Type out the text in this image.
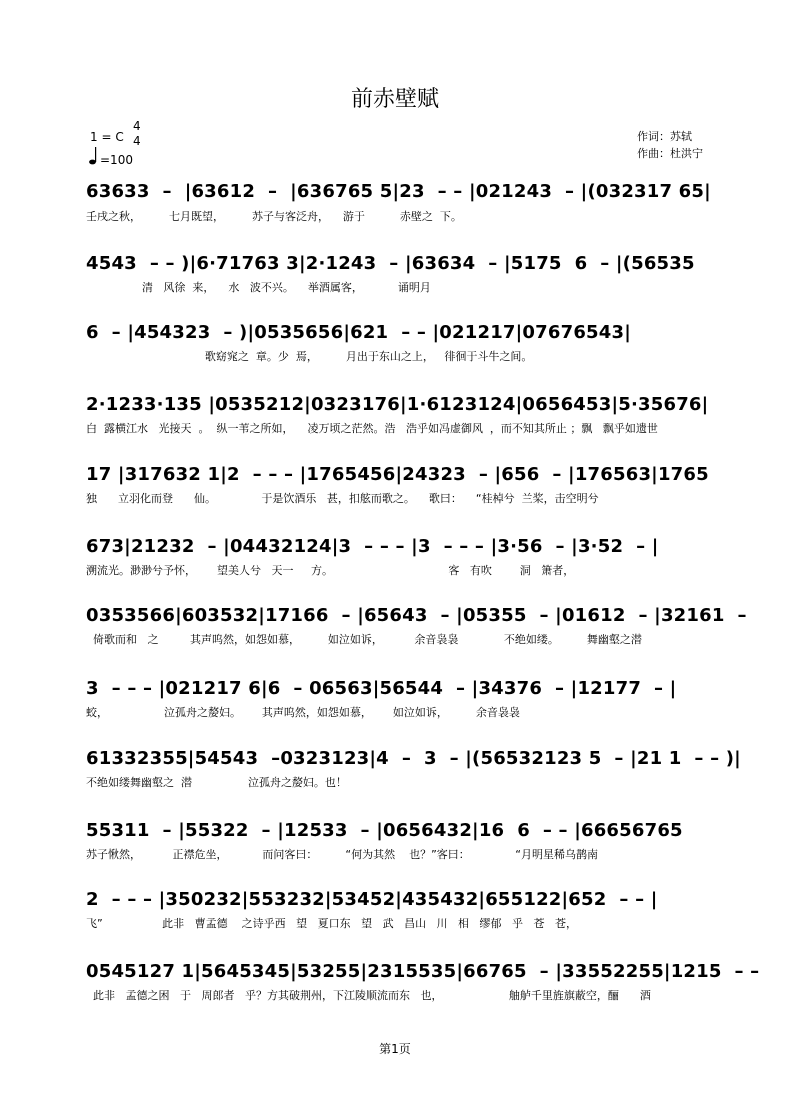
前赤壁赋
1 = C
4
4
=100
作词：苏轼
作曲：杜洪宁
63633  –  |63612  –  |636765 5|23  – – |021243  – |(032317 65|
壬戌之秋，        七月既望，        苏子与客泛舟，    游于          赤壁之  下。
4543  – – )|6·71763 3|2·1243  – |63634  – |5175  6  – |(56535
清   风徐  来，    水   波不兴。    举酒属客，          诵明月
6  – |454323  – )|0535656|621  – – |021217|07676543|
歌窈窕之  章。少  焉，        月出于东山之上，   徘徊于斗牛之间。
2·1233·135 |0535212|0323176|1·6123124|0656453|5·35676|
白  露横江水   光接天  。  纵一苇之所如，    凌万顷之茫然。浩   浩乎如冯虚御风  ，而不知其所止 ；飘   飘乎如遗世
17 |317632 1|2  – – – |1765456|24323  – |656  – |176563|1765
独      立羽化而登      仙。             于是饮酒乐   甚，扣舷而歌之。    歌曰：    “桂棹兮  兰桨，击空明兮
673|21232  – |04432124|3  – – – |3  – – – |3·56  – |3·52  – |
溯流光。渺渺兮予怀，      望美人兮   天一     方。                                 客   有吹        洞   箫者，
0353566|603532|17166  – |65643  – |05355  – |01612  – |32161  –
倚歌而和   之         其声呜然，如怨如慕，        如泣如诉，         余音袅袅             不绝如缕。        舞幽壑之潜
3  – – – |021217 6|6  – 06563|56544  – |34376  – |12177  – |
蛟，                泣孤舟之嫠妇。      其声呜然，如怨如慕，      如泣如诉，        余音袅袅
61332355|54543  –0323123|4  –  3  – |(56532123 5  – |21 1  – – )|
不绝如缕舞幽壑之  潜                泣孤舟之嫠妇。也！
55311  – |55322  – |12533  – |0656432|16  6  – – |66656765
苏子愀然，         正襟危坐，          而问客曰：        “何为其然    也？”客曰：             “月明星稀乌鹊南
2  – – – |350232|553232|53452|435432|655122|652  – – |
飞”                 此非   曹孟德    之诗乎西   望   夏口东   望   武   昌山   川   相   缪郁   乎   苍   苍，
0545127 1|5645345|53255|2315535|66765  – |33552255|1215  – –
此非   孟德之困   于   周郎者   乎？方其破荆州，下江陵顺流而东   也，                   舳舻千里旌旗蔽空，酾      酒
第1页
